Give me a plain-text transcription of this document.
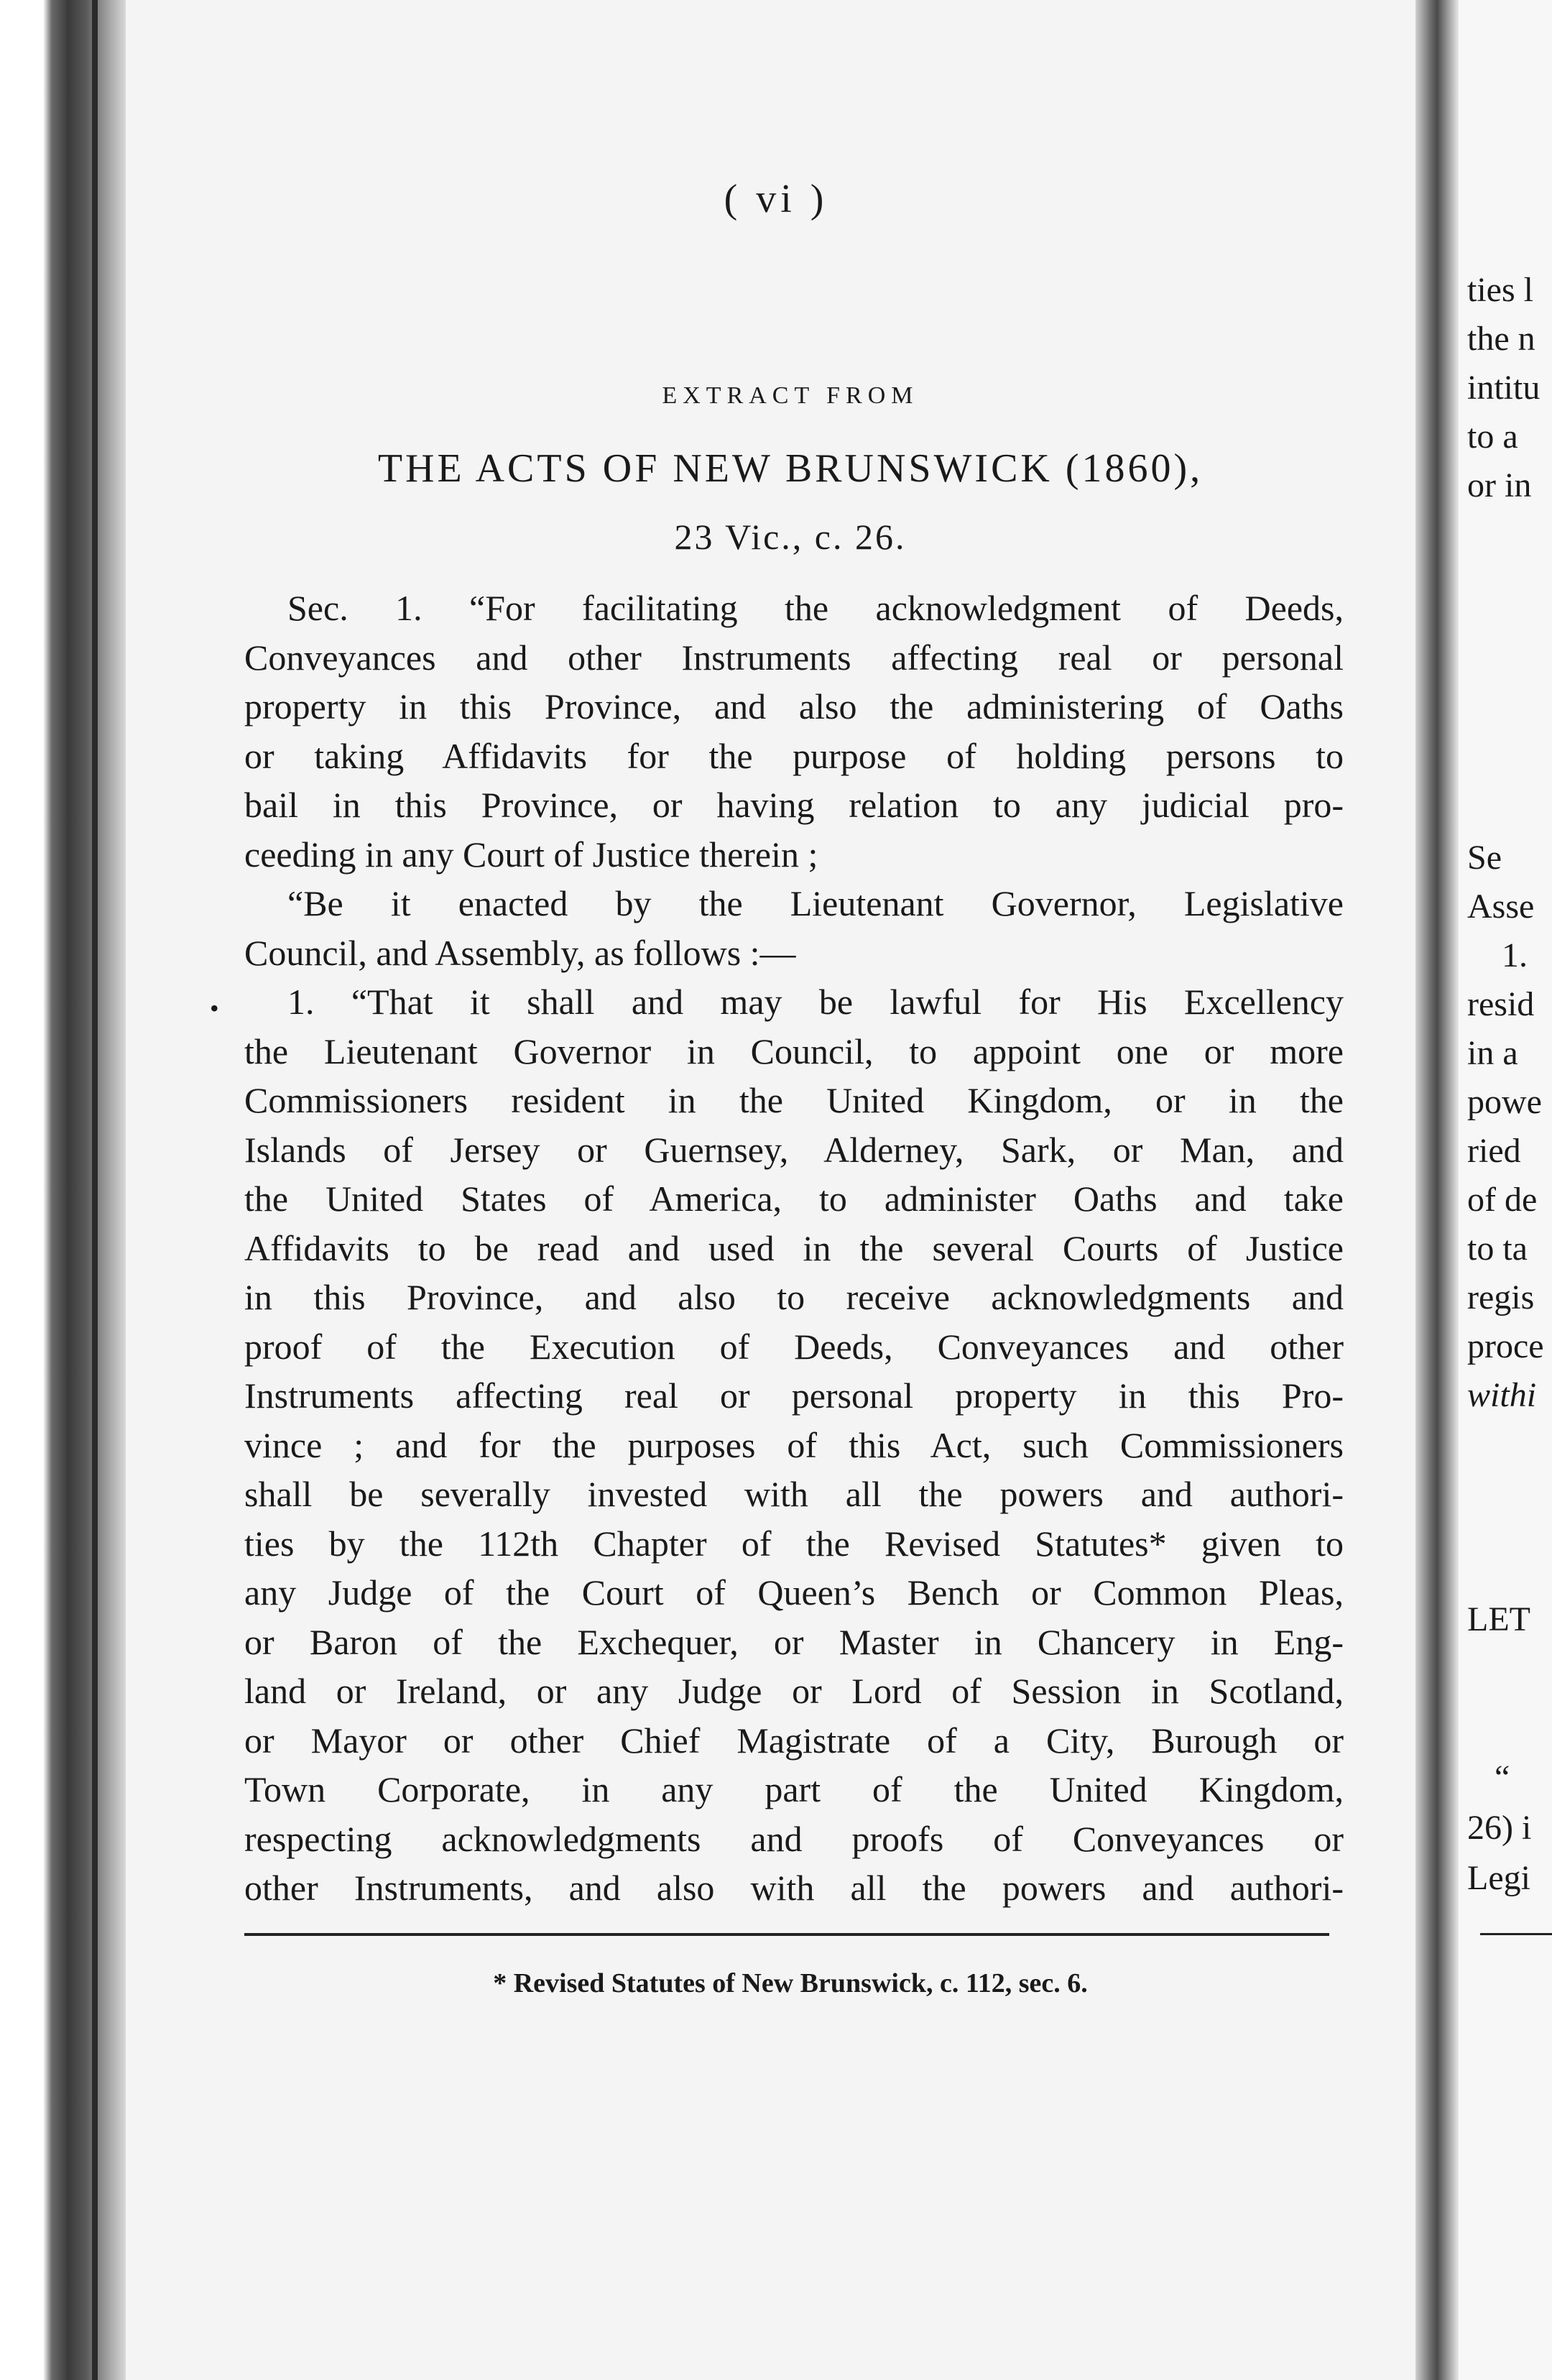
ties l
the n
intitu
to a
or in
Se
Asse
1.
resid
in a
powe
ried
of de
to ta
regis
proce
withi
LET
“
26) i
Legi
( vi )
EXTRACT FROM
THE ACTS OF NEW BRUNSWICK (1860),
23 Vic., c. 26.
•
Sec. 1. “For facilitating the acknowledgment of Deeds,
Conveyances and other Instruments affecting real or personal
property in this Province, and also the administering of Oaths
or taking Affidavits for the purpose of holding persons to
bail in this Province, or having relation to any judicial pro-
ceeding in any Court of Justice therein ;
“Be it enacted by the Lieutenant Governor, Legislative
Council, and Assembly, as follows :—
1. “That it shall and may be lawful for His Excellency
the Lieutenant Governor in Council, to appoint one or more
Commissioners resident in the United Kingdom, or in the
Islands of Jersey or Guernsey, Alderney, Sark, or Man, and
the United States of America, to administer Oaths and take
Affidavits to be read and used in the several Courts of Justice
in this Province, and also to receive acknowledgments and
proof of the Execution of Deeds, Conveyances and other
Instruments affecting real or personal property in this Pro-
vince ; and for the purposes of this Act, such Commissioners
shall be severally invested with all the powers and authori-
ties by the 112th Chapter of the Revised Statutes* given to
any Judge of the Court of Queen’s Bench or Common Pleas,
or Baron of the Exchequer, or Master in Chancery in Eng-
land or Ireland, or any Judge or Lord of Session in Scotland,
or Mayor or other Chief Magistrate of a City, Burough or
Town Corporate, in any part of the United Kingdom,
respecting acknowledgments and proofs of Conveyances or
other Instruments, and also with all the powers and authori-
* Revised Statutes of New Brunswick, c. 112, sec. 6.
